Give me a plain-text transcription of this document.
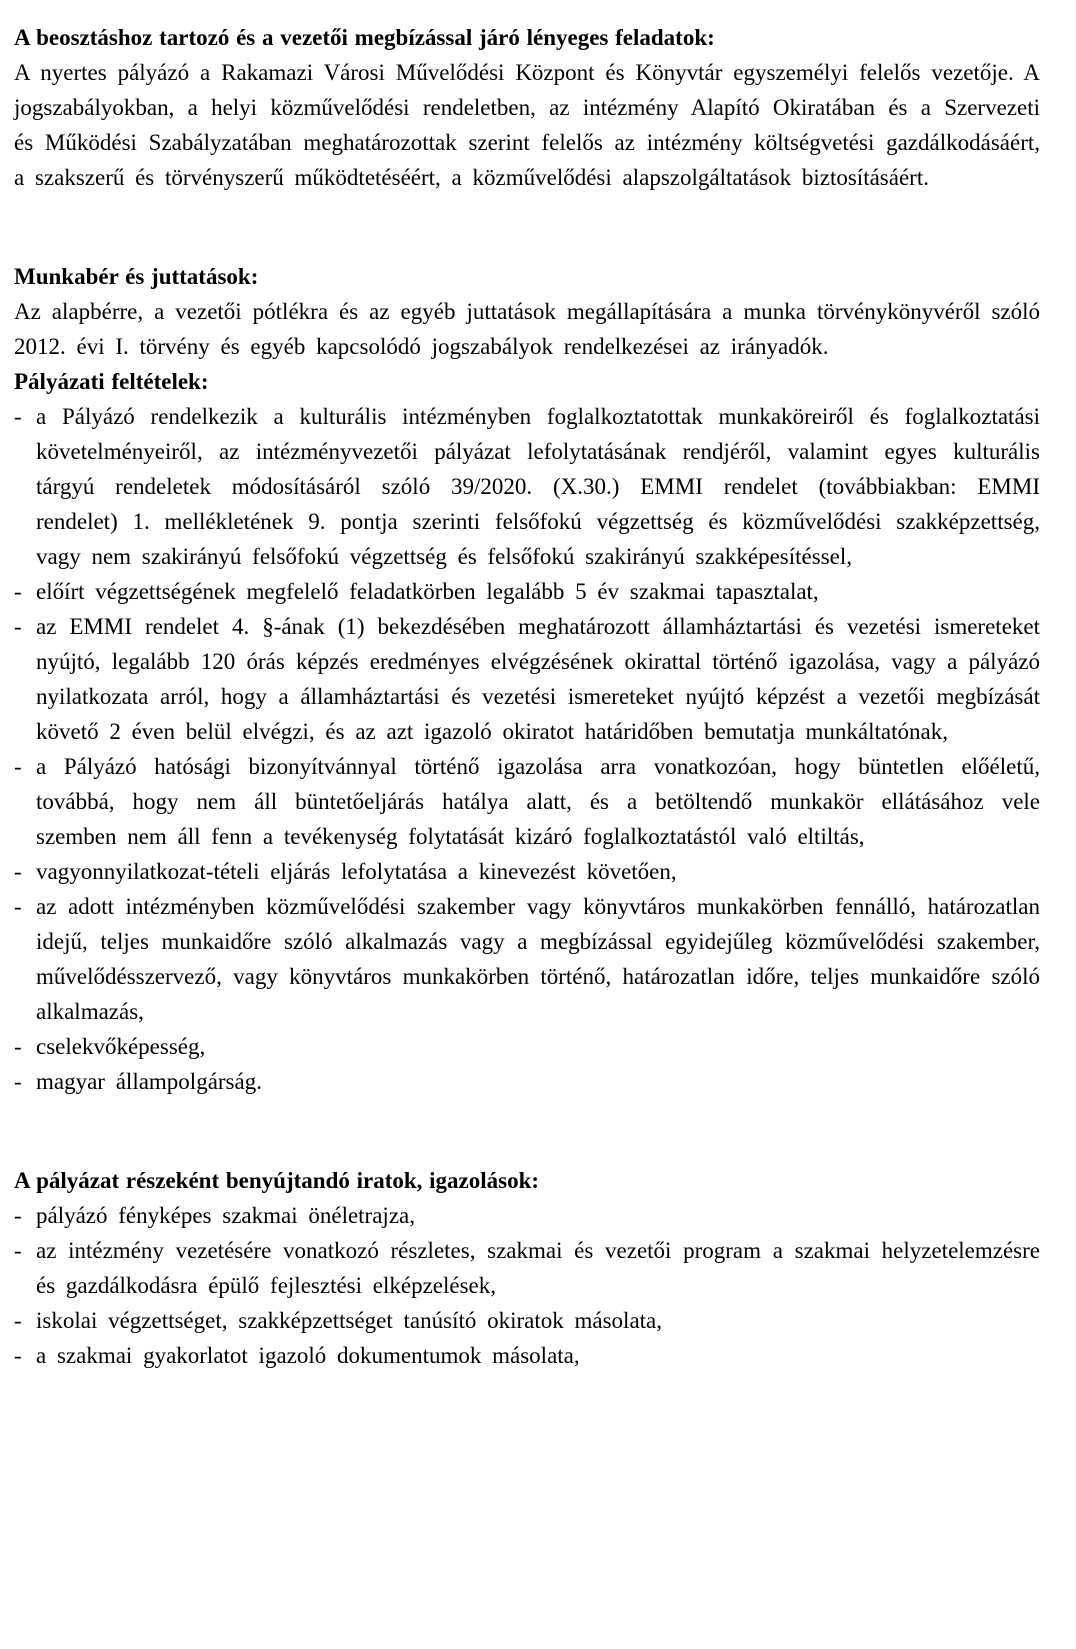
A beosztáshoz tartozó és a vezetői megbízással járó lényeges feladatok:

A nyertes pályázó a Rakamazi Városi Művelődési Központ és Könyvtár egyszemélyi felelős vezetője. A jogszabályokban, a helyi közművelődési rendeletben, az intézmény Alapító Okiratában és a Szervezeti és Működési Szabályzatában meghatározottak szerint felelős az intézmény költségvetési gazdálkodásáért, a szakszerű és törvényszerű működtetéséért, a közművelődési alapszolgáltatások biztosításáért.

Munkabér és juttatások:

Az alapbérre, a vezetői pótlékra és az egyéb juttatások megállapítására a munka törvénykönyvéről szóló 2012. évi I. törvény és egyéb kapcsolódó jogszabályok rendelkezései az irányadók.

Pályázati feltételek:
- a Pályázó rendelkezik a kulturális intézményben foglalkoztatottak munkaköreiről és foglalkoztatási követelményeiről, az intézményvezetői pályázat lefolytatásának rendjéről, valamint egyes kulturális tárgyú rendeletek módosításáról szóló 39/2020. (X.30.) EMMI rendelet (továbbiakban: EMMI rendelet) 1. mellékletének 9. pontja szerinti felsőfokú végzettség és közművelődési szakképzettség, vagy nem szakirányú felsőfokú végzettség és felsőfokú szakirányú szakképesítéssel,
- előírt végzettségének megfelelő feladatkörben legalább 5 év szakmai tapasztalat,
- az EMMI rendelet 4. §-ának (1) bekezdésében meghatározott államháztartási és vezetési ismereteket nyújtó, legalább 120 órás képzés eredményes elvégzésének okirattal történő igazolása, vagy a pályázó nyilatkozata arról, hogy a államháztartási és vezetési ismereteket nyújtó képzést a vezetői megbízását követő 2 éven belül elvégzi, és az azt igazoló okiratot határidőben bemutatja munkáltatónak,
- a Pályázó hatósági bizonyítvánnyal történő igazolása arra vonatkozóan, hogy büntetlen előéletű, továbbá, hogy nem áll büntetőeljárás hatálya alatt, és a betöltendő munkakör ellátásához vele szemben nem áll fenn a tevékenység folytatását kizáró foglalkoztatástól való eltiltás,
- vagyonnyilatkozat-tételi eljárás lefolytatása a kinevezést követően,
- az adott intézményben közművelődési szakember vagy könyvtáros munkakörben fennálló, határozatlan idejű, teljes munkaidőre szóló alkalmazás vagy a megbízással egyidejűleg közművelődési szakember, művelődésszervező, vagy könyvtáros munkakörben történő, határozatlan időre, teljes munkaidőre szóló alkalmazás,
- cselekvőképesség,
- magyar állampolgárság.
A pályázat részeként benyújtandó iratok, igazolások:
- pályázó fényképes szakmai önéletrajza,
- az intézmény vezetésére vonatkozó részletes, szakmai és vezetői program a szakmai helyzetelemzésre és gazdálkodásra épülő fejlesztési elképzelések,
- iskolai végzettséget, szakképzettséget tanúsító okiratok másolata,
- a szakmai gyakorlatot igazoló dokumentumok másolata,
